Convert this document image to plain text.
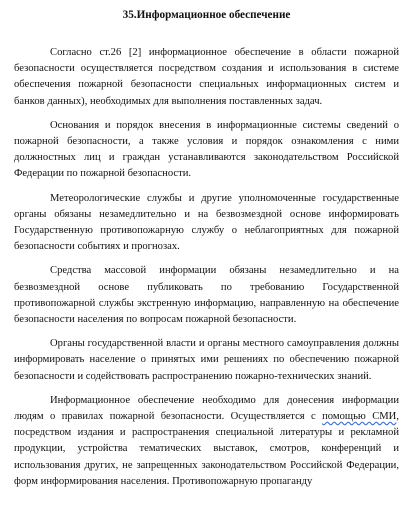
35.Информационное обеспечение

Согласно ст.26 [2] информационное обеспечение в области пожарной безопасности осуществляется посредством создания и использования в системе обеспечения пожарной безопасности специальных информационных систем и банков данных), необходимых для выполнения поставленных задач.

Основания и порядок внесения в информационные системы сведений о пожарной безопасности, а также условия и порядок ознакомления с ними должностных лиц и граждан устанавливаются законодательством Российской Федерации по пожарной безопасности.

Метеорологические службы и другие уполномоченные государственные органы обязаны незамедлительно и на безвозмездной основе информировать Государственную противопожарную службу о неблагоприятных для пожарной безопасности событиях и прогнозах.

Средства массовой информации обязаны незамедлительно и на безвозмездной основе публиковать по требованию Государственной противопожарной службы экстренную информацию, направленную на обеспечение безопасности населения по вопросам пожарной безопасности.

Органы государственной власти и органы местного самоуправления должны информировать население о принятых ими решениях по обеспечению пожарной безопасности и содействовать распространению пожарно-технических знаний.

Информационное обеспечение необходимо для донесения информации людям о правилах пожарной безопасности. Осуществляется с помощью СМИ, посредством издания и распространения специальной литературы и рекламной продукции, устройства тематических выставок, смотров, конференций и использования других, не запрещенных законодательством Российской Федерации, форм информирования населения. Противопожарную пропаганду
